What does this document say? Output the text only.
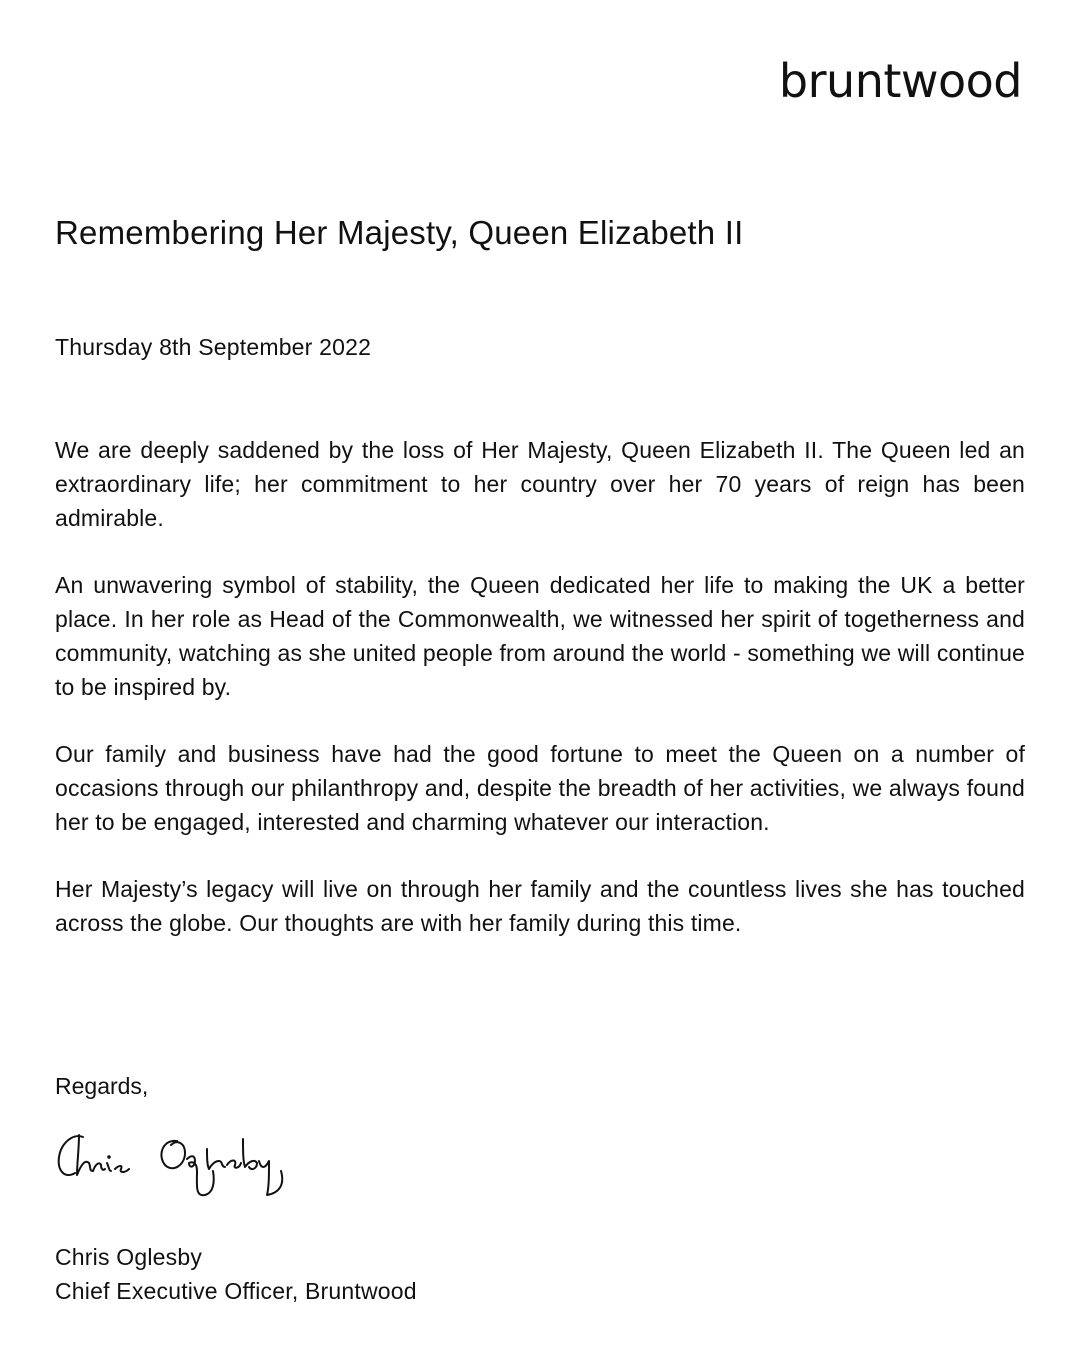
bruntwood
Remembering Her Majesty, Queen Elizabeth II

Thursday 8th September 2022

We are deeply saddened by the loss of Her Majesty, Queen Elizabeth II. The Queen led an extraordinary life; her commitment to her country over her 70 years of reign has been admirable.

An unwavering symbol of stability, the Queen dedicated her life to making the UK a better place. In her role as Head of the Commonwealth, we witnessed her spirit of togetherness and community, watching as she united people from around the world - something we will continue to be inspired by.

Our family and business have had the good fortune to meet the Queen on a number of occasions through our philanthropy and, despite the breadth of her activities, we always found her to be engaged, interested and charming whatever our interaction.

Her Majesty’s legacy will live on through her family and the countless lives she has touched across the globe. Our thoughts are with her family during this time.

Regards,

Chris Oglesby
Chief Executive Officer, Bruntwood
